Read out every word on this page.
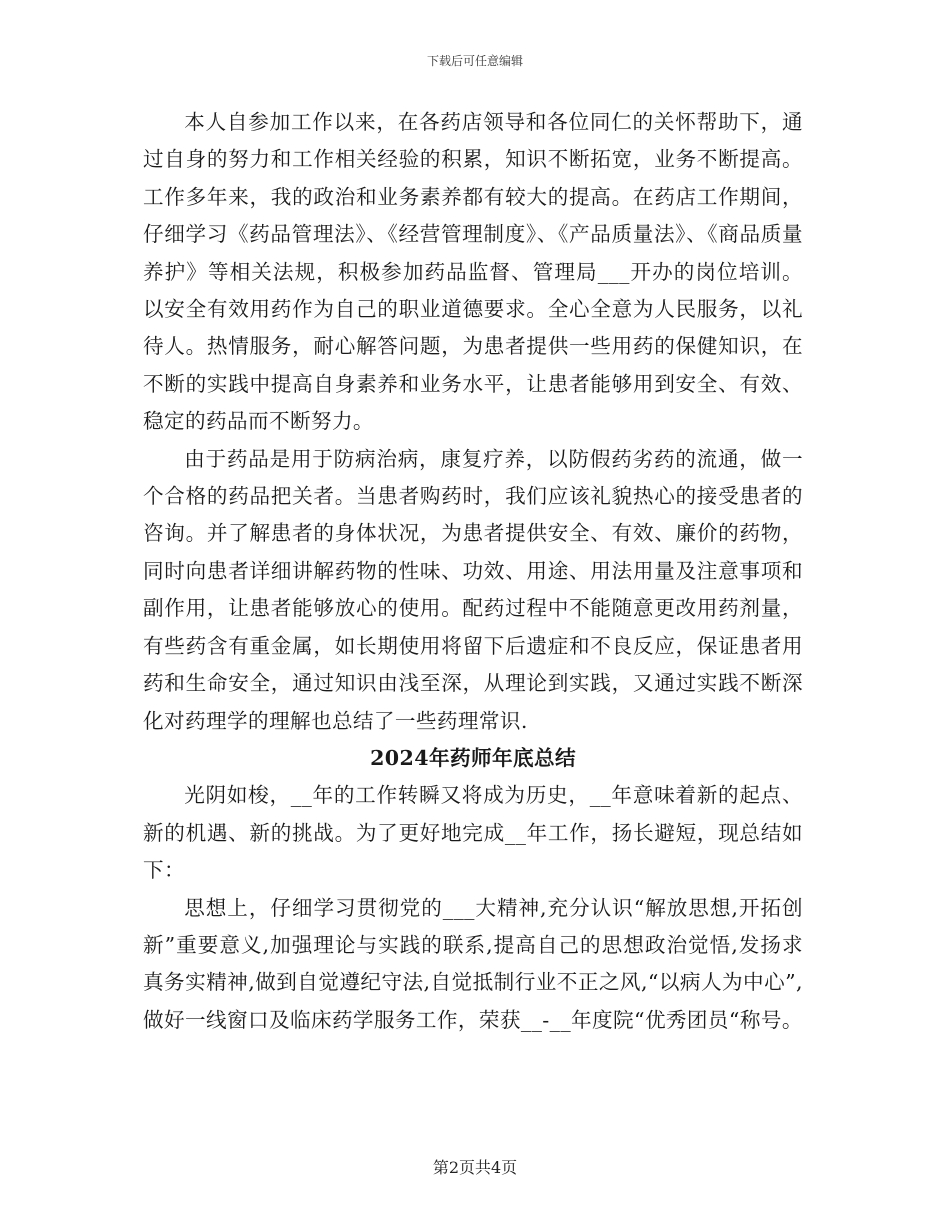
下载后可任意编辑

本人自参加工作以来，在各药店领导和各位同仁的关怀帮助下，通过自身的努力和工作相关经验的积累，知识不断拓宽，业务不断提高。工作多年来，我的政治和业务素养都有较大的提高。在药店工作期间，仔细学习《药品管理法》、《经营管理制度》、《产品质量法》、《商品质量养护》等相关法规，积极参加药品监督、管理局___开办的岗位培训。以安全有效用药作为自己的职业道德要求。全心全意为人民服务，以礼待人。热情服务，耐心解答问题，为患者提供一些用药的保健知识，在不断的实践中提高自身素养和业务水平，让患者能够用到安全、有效、稳定的药品而不断努力。

由于药品是用于防病治病，康复疗养，以防假药劣药的流通，做一个合格的药品把关者。当患者购药时，我们应该礼貌热心的接受患者的咨询。并了解患者的身体状况，为患者提供安全、有效、廉价的药物，同时向患者详细讲解药物的性味、功效、用途、用法用量及注意事项和副作用，让患者能够放心的使用。配药过程中不能随意更改用药剂量，有些药含有重金属，如长期使用将留下后遗症和不良反应，保证患者用药和生命安全，通过知识由浅至深，从理论到实践，又通过实践不断深化对药理学的理解也总结了一些药理常识.

2024年药师年底总结

光阴如梭，__年的工作转瞬又将成为历史，__年意味着新的起点、新的机遇、新的挑战。为了更好地完成__年工作，扬长避短，现总结如下：

思想上，仔细学习贯彻党的___大精神,充分认识“解放思想,开拓创新”重要意义,加强理论与实践的联系,提高自己的思想政治觉悟,发扬求真务实精神,做到自觉遵纪守法,自觉抵制行业不正之风,“以病人为中心”,做好一线窗口及临床药学服务工作，荣获__-__年度院“优秀团员“称号。

第2页共4页
